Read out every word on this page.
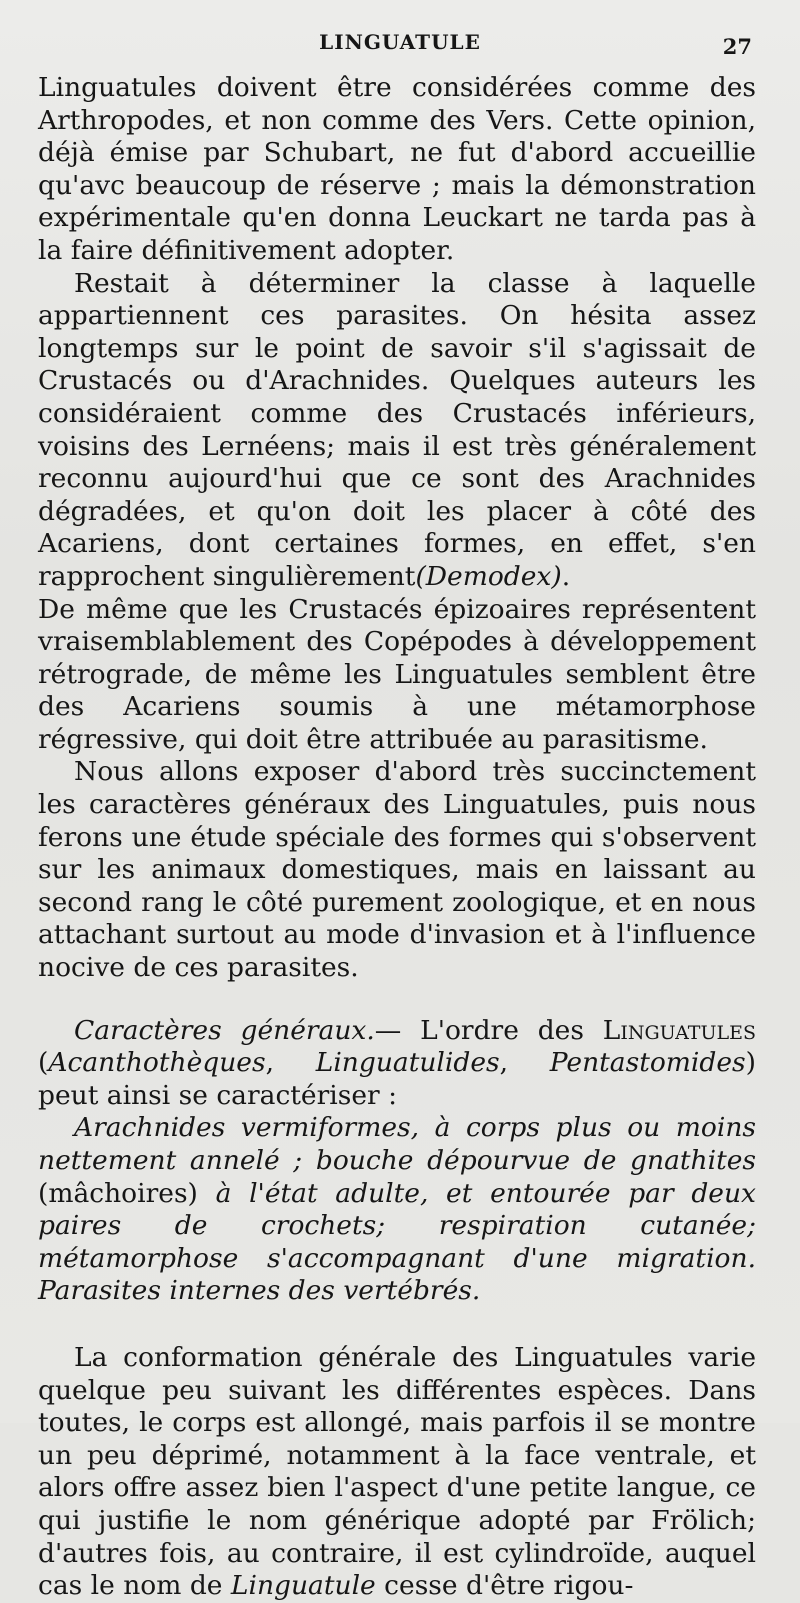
LINGUATULE	27

Linguatules doivent être considérées comme des Arthropodes, et non comme des Vers. Cette opinion, déjà émise par Schubart, ne fut d'abord accueillie qu'avc beaucoup de réserve ; mais la démonstration expérimentale qu'en donna Leuckart ne tarda pas à la faire définitivement adopter.

Restait à déterminer la classe à laquelle appartiennent ces parasites. On hésita assez longtemps sur le point de savoir s'il s'agissait de Crustacés ou d'Arachnides. Quelques auteurs les considéraient comme des Crustacés inférieurs, voisins des Lernéens; mais il est très généralement reconnu aujourd'hui que ce sont des Arachnides dégradées, et qu'on doit les placer à côté des Acariens, dont certaines formes, en effet, s'en rapprochent singulièrement(Demodex).

De même que les Crustacés épizoaires représentent vraisemblablement des Copépodes à développement rétrograde, de même les Linguatules semblent être des Acariens soumis à une métamorphose régressive, qui doit être attribuée au parasitisme.

Nous allons exposer d'abord très succinctement les caractères généraux des Linguatules, puis nous ferons une étude spéciale des formes qui s'observent sur les animaux domestiques, mais en laissant au second rang le côté purement zoologique, et en nous attachant surtout au mode d'invasion et à l'influence nocive de ces parasites.

Caractères généraux.— L'ordre des Linguatules (Acanthothèques, Linguatulides, Pentastomides) peut ainsi se caractériser :

Arachnides vermiformes, à corps plus ou moins nettement annelé ; bouche dépourvue de gnathites (mâchoires) à l'état adulte, et entourée par deux paires de crochets; respiration cutanée; métamorphose s'accompagnant d'une migration. Parasites internes des vertébrés.

La conformation générale des Linguatules varie quelque peu suivant les différentes espèces. Dans toutes, le corps est allongé, mais parfois il se montre un peu déprimé, notamment à la face ventrale, et alors offre assez bien l'aspect d'une petite langue, ce qui justifie le nom générique adopté par Frölich; d'autres fois, au contraire, il est cylindroïde, auquel cas le nom de Linguatule cesse d'être rigou-
